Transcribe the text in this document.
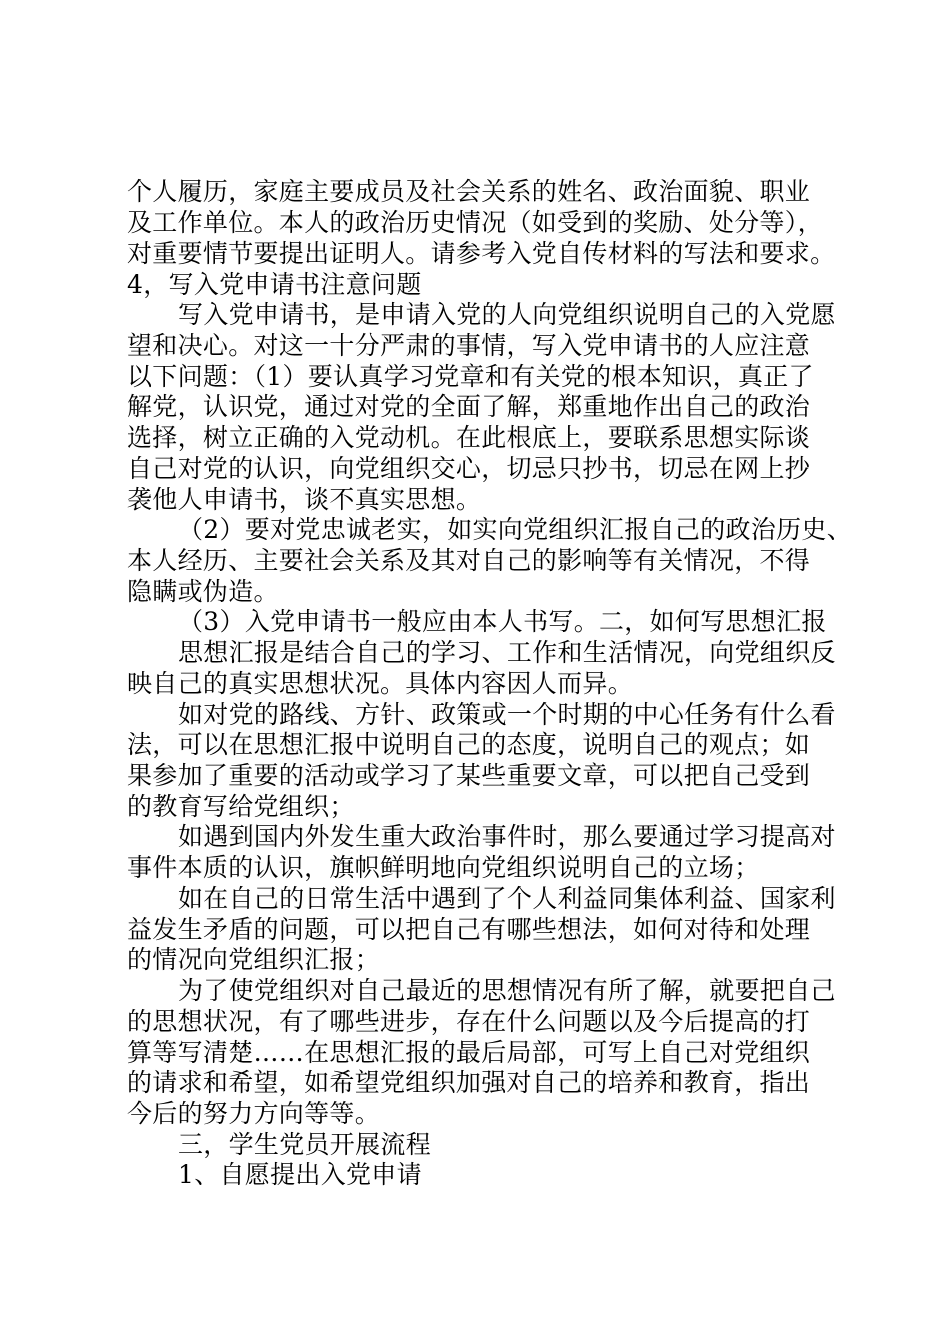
个人履历，家庭主要成员及社会关系的姓名、政治面貌、职业
及工作单位。本人的政治历史情况（如受到的奖励、处分等），
对重要情节要提出证明人。请参考入党自传材料的写法和要求。
4，写入党申请书注意问题
写入党申请书，是申请入党的人向党组织说明自己的入党愿
望和决心。对这一十分严肃的事情，写入党申请书的人应注意
以下问题：（1）要认真学习党章和有关党的根本知识，真正了
解党，认识党，通过对党的全面了解，郑重地作出自己的政治
选择，树立正确的入党动机。在此根底上，要联系思想实际谈
自己对党的认识，向党组织交心，切忌只抄书，切忌在网上抄
袭他人申请书，谈不真实思想。
（2）要对党忠诚老实，如实向党组织汇报自己的政治历史、
本人经历、主要社会关系及其对自己的影响等有关情况，不得
隐瞒或伪造。
（3）入党申请书一般应由本人书写。二，如何写思想汇报
思想汇报是结合自己的学习、工作和生活情况，向党组织反
映自己的真实思想状况。具体内容因人而异。
如对党的路线、方针、政策或一个时期的中心任务有什么看
法，可以在思想汇报中说明自己的态度，说明自己的观点；如
果参加了重要的活动或学习了某些重要文章，可以把自己受到
的教育写给党组织；
如遇到国内外发生重大政治事件时，那么要通过学习提高对
事件本质的认识，旗帜鲜明地向党组织说明自己的立场；
如在自己的日常生活中遇到了个人利益同集体利益、国家利
益发生矛盾的问题，可以把自己有哪些想法，如何对待和处理
的情况向党组织汇报；
为了使党组织对自己最近的思想情况有所了解，就要把自己
的思想状况，有了哪些进步，存在什么问题以及今后提高的打
算等写清楚……在思想汇报的最后局部，可写上自己对党组织
的请求和希望，如希望党组织加强对自己的培养和教育，指出
今后的努力方向等等。
三，学生党员开展流程
1、自愿提出入党申请
